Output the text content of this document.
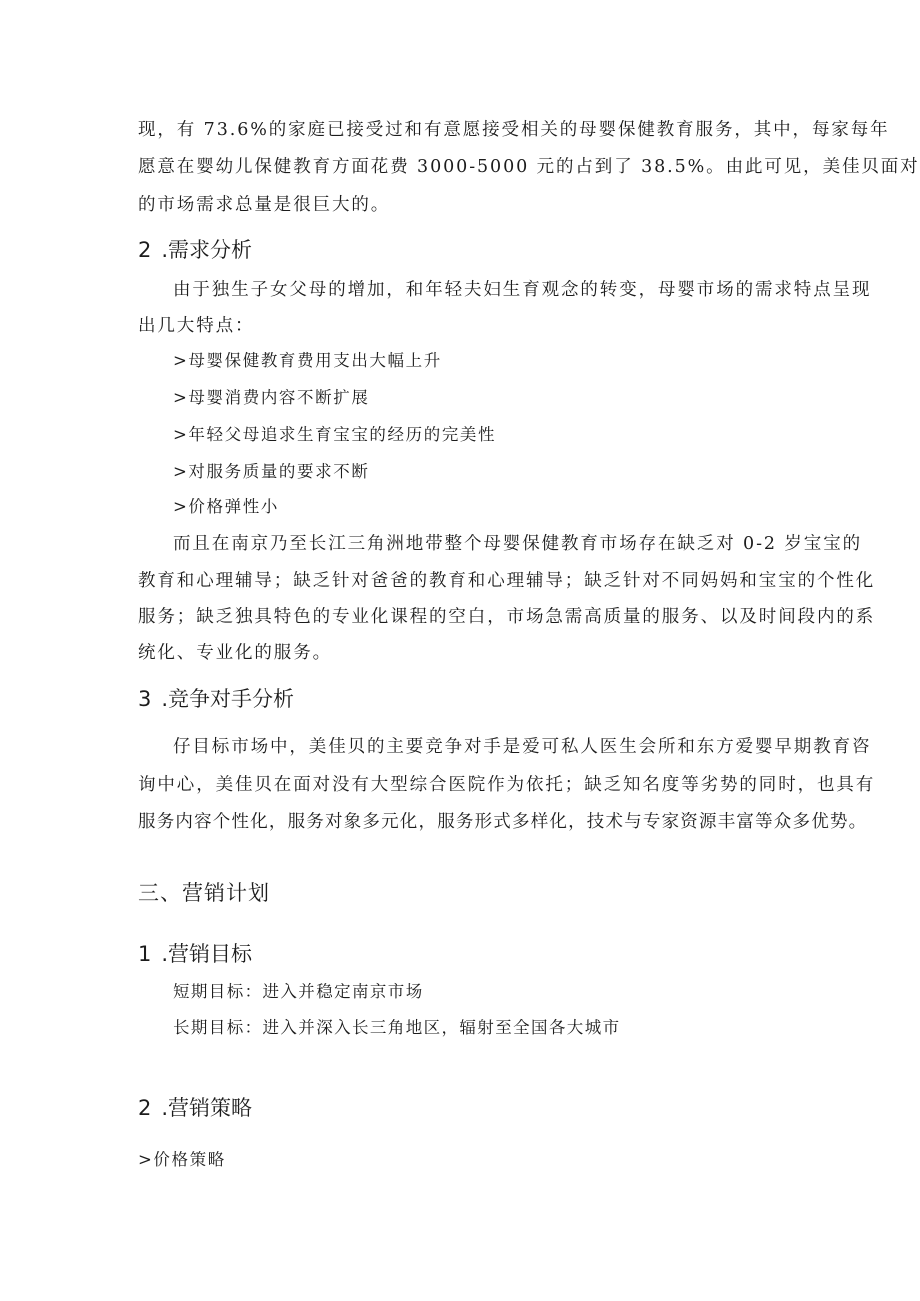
现，有 73.6%的家庭已接受过和有意愿接受相关的母婴保健教育服务，其中，每家每年
愿意在婴幼儿保健教育方面花费 3000-5000 元的占到了 38.5%。由此可见，美佳贝面对
的市场需求总量是很巨大的。
2 .需求分析
由于独生子女父母的增加，和年轻夫妇生育观念的转变，母婴市场的需求特点呈现
出几大特点：
>母婴保健教育费用支出大幅上升
>母婴消费内容不断扩展
>年轻父母追求生育宝宝的经历的完美性
>对服务质量的要求不断
>价格弹性小
而且在南京乃至长江三角洲地带整个母婴保健教育市场存在缺乏对 0-2 岁宝宝的
教育和心理辅导；缺乏针对爸爸的教育和心理辅导；缺乏针对不同妈妈和宝宝的个性化
服务；缺乏独具特色的专业化课程的空白，市场急需高质量的服务、以及时间段内的系
统化、专业化的服务。
3 .竞争对手分析
仔目标市场中，美佳贝的主要竞争对手是爱可私人医生会所和东方爱婴早期教育咨
询中心，美佳贝在面对没有大型综合医院作为依托；缺乏知名度等劣势的同时，也具有
服务内容个性化，服务对象多元化，服务形式多样化，技术与专家资源丰富等众多优势。
三、营销计划
1 .营销目标
短期目标：进入并稳定南京市场
长期目标：进入并深入长三角地区，辐射至全国各大城市
2 .营销策略
>价格策略
